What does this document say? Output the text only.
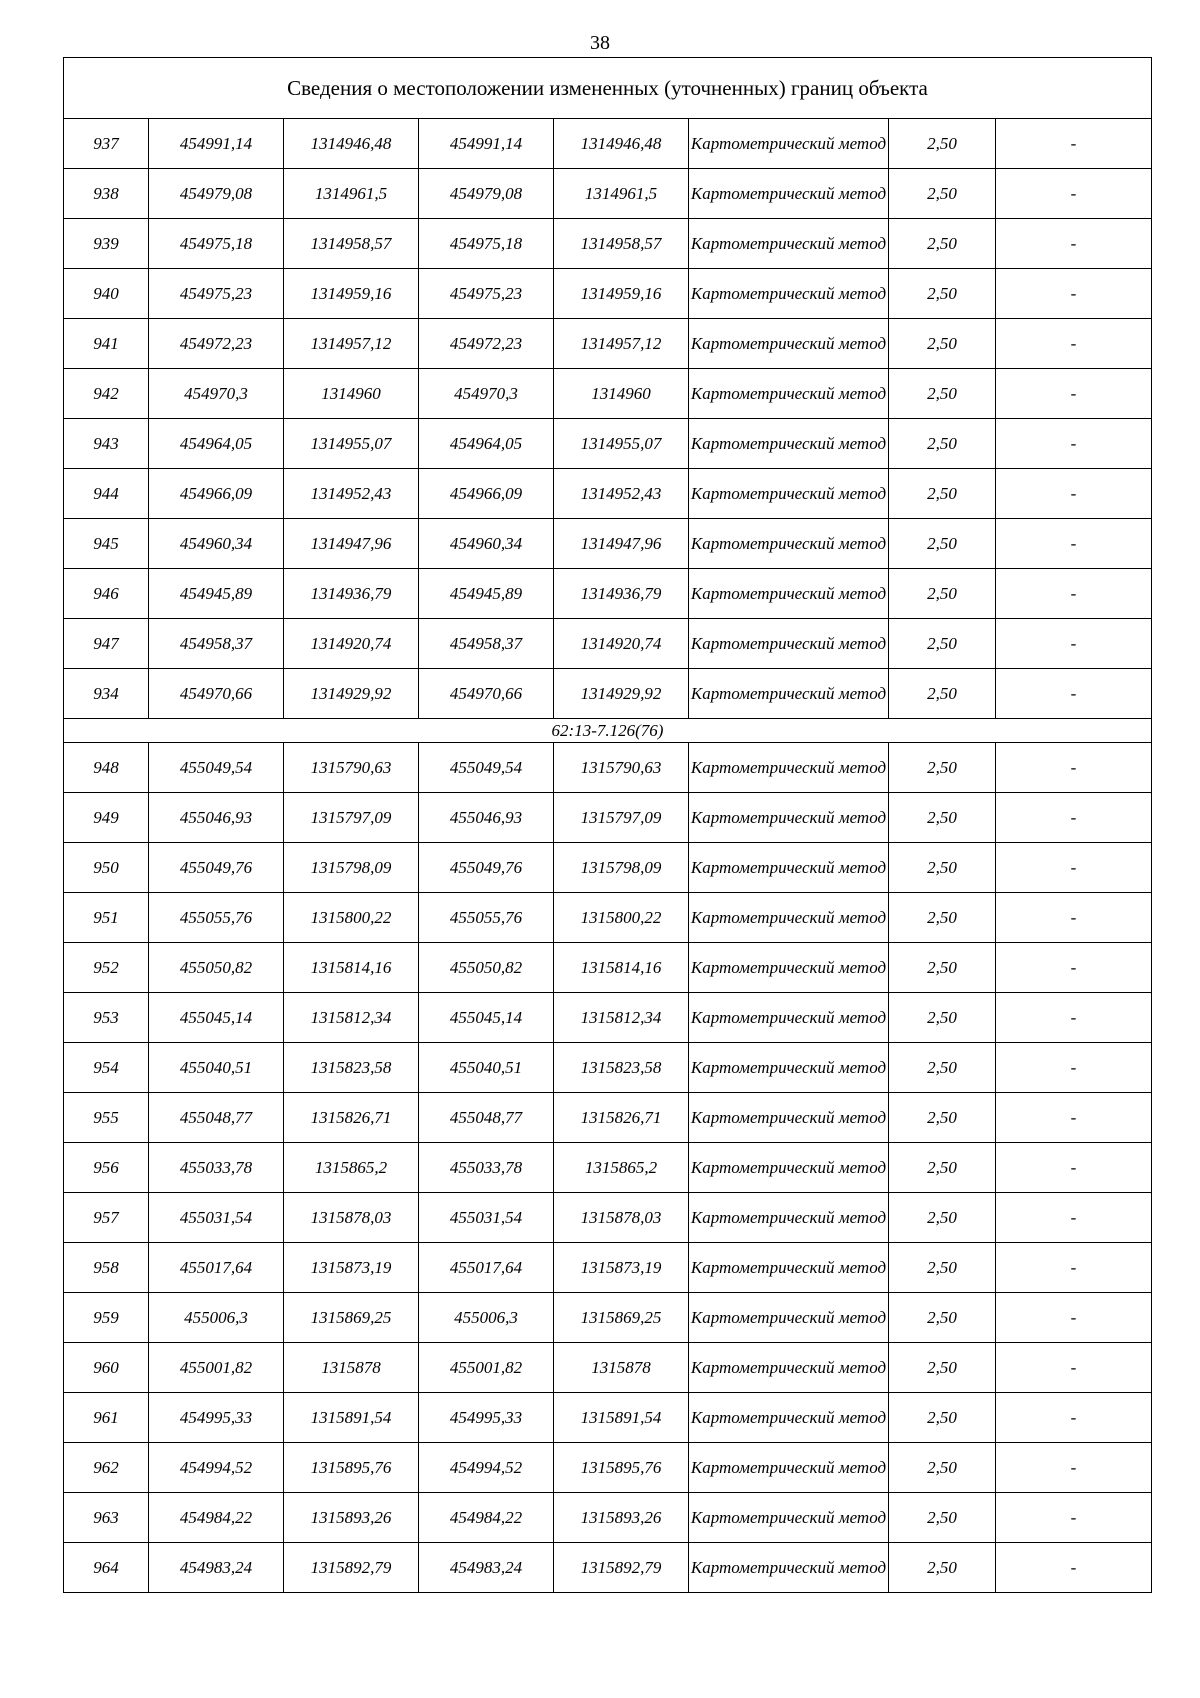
38
Сведения о местоположении измененных (уточненных) границ объекта							
937	454991,14	1314946,48	454991,14	1314946,48	Картометрический метод	2,50	-
938	454979,08	1314961,5	454979,08	1314961,5	Картометрический метод	2,50	-
939	454975,18	1314958,57	454975,18	1314958,57	Картометрический метод	2,50	-
940	454975,23	1314959,16	454975,23	1314959,16	Картометрический метод	2,50	-
941	454972,23	1314957,12	454972,23	1314957,12	Картометрический метод	2,50	-
942	454970,3	1314960	454970,3	1314960	Картометрический метод	2,50	-
943	454964,05	1314955,07	454964,05	1314955,07	Картометрический метод	2,50	-
944	454966,09	1314952,43	454966,09	1314952,43	Картометрический метод	2,50	-
945	454960,34	1314947,96	454960,34	1314947,96	Картометрический метод	2,50	-
946	454945,89	1314936,79	454945,89	1314936,79	Картометрический метод	2,50	-
947	454958,37	1314920,74	454958,37	1314920,74	Картометрический метод	2,50	-
934	454970,66	1314929,92	454970,66	1314929,92	Картометрический метод	2,50	-
62:13-7.126(76)							
948	455049,54	1315790,63	455049,54	1315790,63	Картометрический метод	2,50	-
949	455046,93	1315797,09	455046,93	1315797,09	Картометрический метод	2,50	-
950	455049,76	1315798,09	455049,76	1315798,09	Картометрический метод	2,50	-
951	455055,76	1315800,22	455055,76	1315800,22	Картометрический метод	2,50	-
952	455050,82	1315814,16	455050,82	1315814,16	Картометрический метод	2,50	-
953	455045,14	1315812,34	455045,14	1315812,34	Картометрический метод	2,50	-
954	455040,51	1315823,58	455040,51	1315823,58	Картометрический метод	2,50	-
955	455048,77	1315826,71	455048,77	1315826,71	Картометрический метод	2,50	-
956	455033,78	1315865,2	455033,78	1315865,2	Картометрический метод	2,50	-
957	455031,54	1315878,03	455031,54	1315878,03	Картометрический метод	2,50	-
958	455017,64	1315873,19	455017,64	1315873,19	Картометрический метод	2,50	-
959	455006,3	1315869,25	455006,3	1315869,25	Картометрический метод	2,50	-
960	455001,82	1315878	455001,82	1315878	Картометрический метод	2,50	-
961	454995,33	1315891,54	454995,33	1315891,54	Картометрический метод	2,50	-
962	454994,52	1315895,76	454994,52	1315895,76	Картометрический метод	2,50	-
963	454984,22	1315893,26	454984,22	1315893,26	Картометрический метод	2,50	-
964	454983,24	1315892,79	454983,24	1315892,79	Картометрический метод	2,50	-
